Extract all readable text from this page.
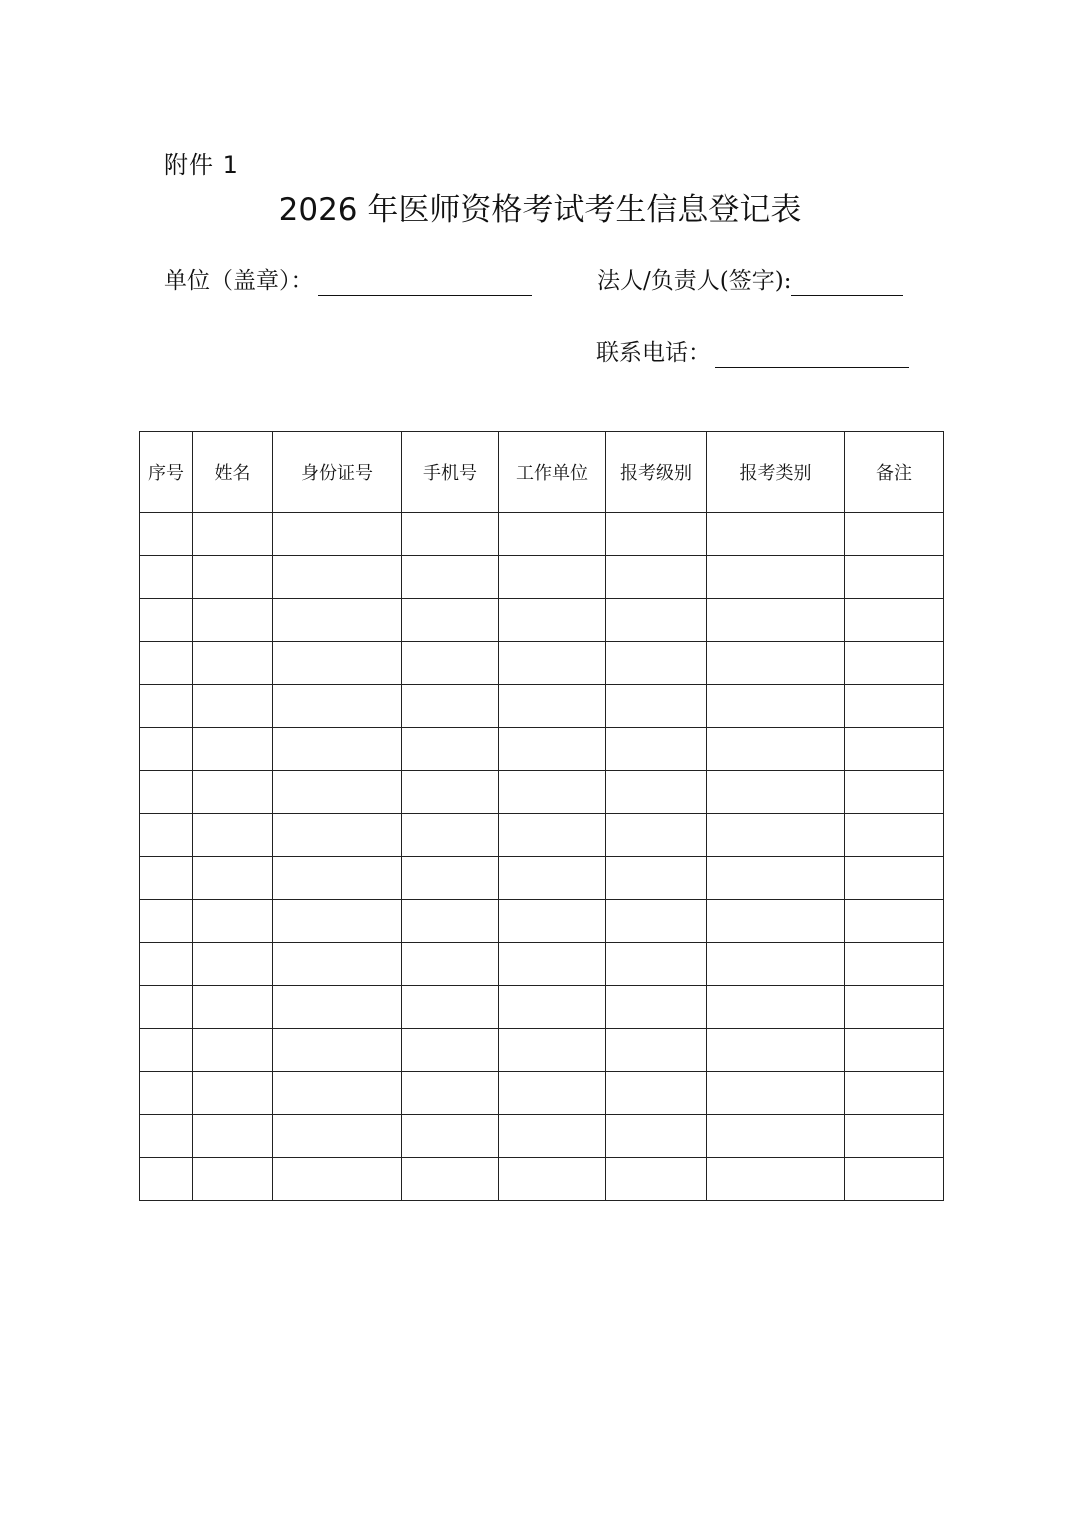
附件 1
2026 年医师资格考试考生信息登记表
单位（盖章）：	法人/负责人(签字):
联系电话：
序号	姓名	身份证号	手机号	工作单位	报考级别	报考类别	备注
